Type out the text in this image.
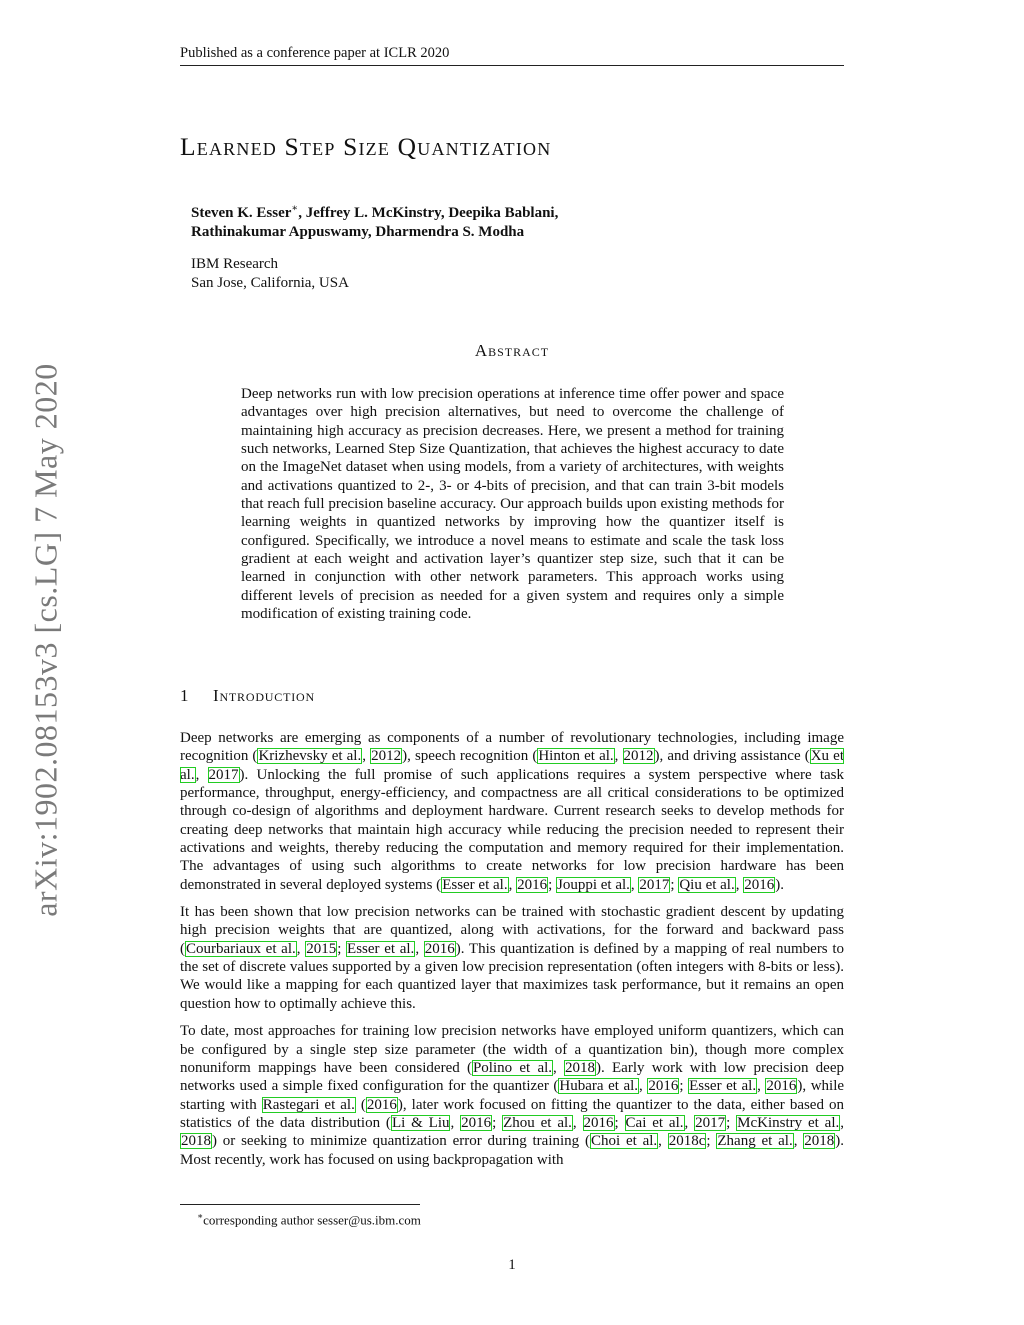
Published as a conference paper at ICLR 2020
arXiv:1902.08153v3 [cs.LG] 7 May 2020
Learned Step Size Quantization
Steven K. Esser∗, Jeffrey L. McKinstry, Deepika Bablani,
Rathinakumar Appuswamy, Dharmendra S. Modha
IBM Research
San Jose, California, USA
Abstract

Deep networks run with low precision operations at inference time offer power and space advantages over high precision alternatives, but need to overcome the challenge of maintaining high accuracy as precision decreases. Here, we present a method for training such networks, Learned Step Size Quantization, that achieves the highest accuracy to date on the ImageNet dataset when using models, from a variety of architectures, with weights and activations quantized to 2-, 3- or 4-bits of precision, and that can train 3-bit models that reach full precision baseline accuracy. Our approach builds upon existing methods for learning weights in quantized networks by improving how the quantizer itself is configured. Specifically, we introduce a novel means to estimate and scale the task loss gradient at each weight and activation layer’s quantizer step size, such that it can be learned in conjunction with other network parameters. This approach works using different levels of precision as needed for a given system and requires only a simple modification of existing training code.

1 Introduction

Deep networks are emerging as components of a number of revolutionary technologies, including image recognition (Krizhevsky et al., 2012), speech recognition (Hinton et al., 2012), and driving assistance (Xu et al., 2017). Unlocking the full promise of such applications requires a system perspective where task performance, throughput, energy-efficiency, and compactness are all critical considerations to be optimized through co-design of algorithms and deployment hardware. Current research seeks to develop methods for creating deep networks that maintain high accuracy while reducing the precision needed to represent their activations and weights, thereby reducing the computation and memory required for their implementation. The advantages of using such algorithms to create networks for low precision hardware has been demonstrated in several deployed systems (Esser et al., 2016; Jouppi et al., 2017; Qiu et al., 2016).

It has been shown that low precision networks can be trained with stochastic gradient descent by updating high precision weights that are quantized, along with activations, for the forward and backward pass (Courbariaux et al., 2015; Esser et al., 2016). This quantization is defined by a mapping of real numbers to the set of discrete values supported by a given low precision representation (often integers with 8-bits or less). We would like a mapping for each quantized layer that maximizes task performance, but it remains an open question how to optimally achieve this.

To date, most approaches for training low precision networks have employed uniform quantizers, which can be configured by a single step size parameter (the width of a quantization bin), though more complex nonuniform mappings have been considered (Polino et al., 2018). Early work with low precision deep networks used a simple fixed configuration for the quantizer (Hubara et al., 2016; Esser et al., 2016), while starting with Rastegari et al. (2016), later work focused on fitting the quantizer to the data, either based on statistics of the data distribution (Li & Liu, 2016; Zhou et al., 2016; Cai et al., 2017; McKinstry et al., 2018) or seeking to minimize quantization error during training (Choi et al., 2018c; Zhang et al., 2018). Most recently, work has focused on using backpropagation with

∗corresponding author sesser@us.ibm.com
1
